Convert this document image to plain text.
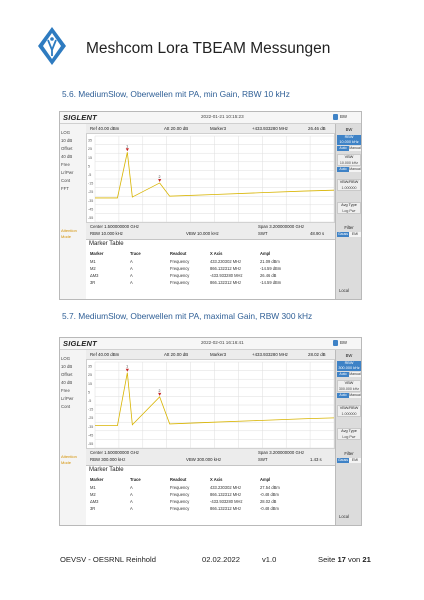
Meshcom Lora TBEAM Messungen
5.6. MediumSlow, Oberwellen mit PA, min Gain, RBW 10 kHz
SIGLENT	2022-01-21 10:15:23	BW
LOG
10 dB
Offset
40 dB
Free
Lr/Pwr
Cont
FFT
Attention
Mode
Ref 40.00 dBm	Att 20.00 dB	Marker3	+433.933280 MHz	26.46 dB
35
25
15
5
-5
-15
-25
-35
-45
-55
1
2
Center 1.500000000 GHz
RBW 10.000 kHz	VBW 10.000 kHz
Span 3.200000000 GHz
SWT	48.90 s
Marker Table
Marker	Trace	Readout	X Axis	Ampl
M1	A	Frequency	433.230302 MHz	21.09 dBm
M2	A	Frequency	866.132312 MHz	-14.59 dBm
ΔM3	A	Frequency	-433.933280 MHz	26.46 dB
3R	A	Frequency	866.132312 MHz	-14.59 dBm
BW
RBW
10.000 kHz
Auto Manual
VBW
10.000 kHz
Auto Manual
VBW/RBW
1.000000
Avg Type
Log Pwr
Filter
Gauss	EMI
Local
5.7. MediumSlow, Oberwellen mit PA, maximal Gain, RBW 300 kHz
SIGLENT	2022-02-01 16:16:41	BW
LOG
10 dB
Offset
40 dB
Free
Lr/Pwr
Cont
Attention
Mode
Ref 40.00 dBm	Att 20.00 dB	Marker3	+433.933280 MHz	28.02 dB
35
25
15
5
-5
-15
-25
-35
-45
-55
1
2
Center 1.500000000 GHz
RBW 300.000 kHz	VBW 300.000 kHz
Span 3.200000000 GHz
SWT	1.43 s
Marker Table
Marker	Trace	Readout	X Axis	Ampl
M1	A	Frequency	433.230302 MHz	27.54 dBm
M2	A	Frequency	866.132312 MHz	-0.48 dBm
ΔM3	A	Frequency	-433.933280 MHz	28.02 dB
3R	A	Frequency	866.132312 MHz	-0.48 dBm
BW
RBW
300.000 kHz
Auto Manual
VBW
300.000 kHz
Auto Manual
VBW/RBW
1.000000
Avg Type
Log Pwr
Filter
Gauss	EMI
Local
OEVSV - OESRNL Reinhold	02.02.2022	v1.0	Seite 17 von 21
